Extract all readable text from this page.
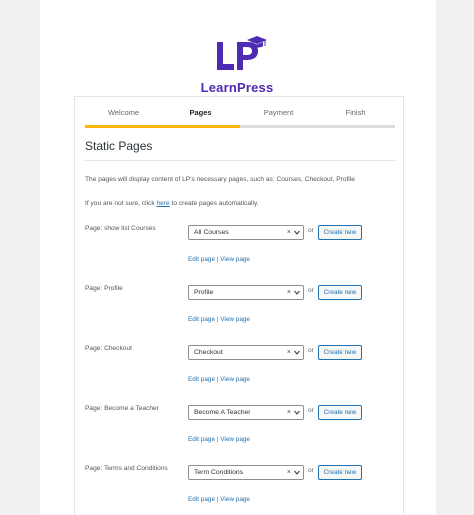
LearnPress
Welcome	Pages	Payment	Finish
Static Pages

The pages will display content of LP's necessary pages, such as: Courses, Checkout, Profile

If you are not sure, click here to create pages automatically.

Page: show list Courses
All Courses	×	or	Create new
Edit page | View page
Page: Profile
Profile	×	or	Create new
Edit page | View page
Page: Checkout
Checkout	×	or	Create new
Edit page | View page
Page: Become a Teacher
Become A Teacher	×	or	Create new
Edit page | View page
Page: Terms and Conditions
Term Conditions	×	or	Create new
Edit page | View page
